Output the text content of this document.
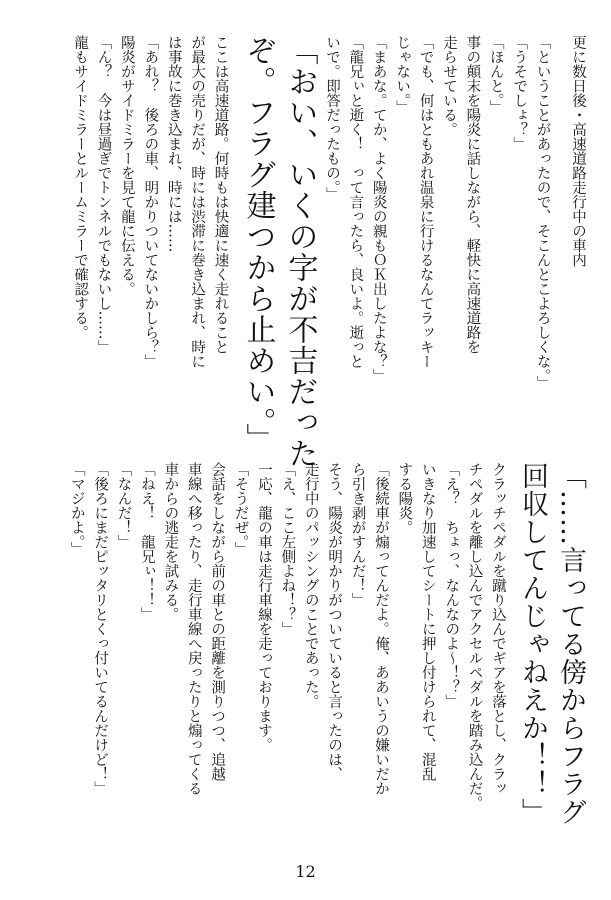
更に数日後・高速道路走行中の車内

「ということがあったので、そこんとこよろしくな。」

「うそでしょ？」

「ほんと。」

事の顛末を陽炎に話しながら、軽快に高速道路を

走らせている。

「でも、何はともあれ温泉に行けるなんてラッキー

じゃない。」

「まあな。てか、よく陽炎の親もＯＫ出したよな？」

「龍兄ぃと逝く！　って言ったら、良いよ。逝っと

いで。即答だったもの。」

「おい、いくの字が不吉だった

ぞ。フラグ建つから止めい。」

ここは高速道路。何時もは快適に速く走れること

が最大の売りだが、時には渋滞に巻き込まれ、時に

は事故に巻き込まれ、時には……

「あれ？　後ろの車、明かりついてないかしら？」

陽炎がサイドミラーを見て龍に伝える。

「ん？　今は昼過ぎでトンネルでもないし……」

龍もサイドミラーとルームミラーで確認する。

「……言ってる傍からフラグ

回収してんじゃねえか！！」

クラッチペダルを蹴り込んでギアを落とし、クラッ

チペダルを離し込んでアクセルペダルを踏み込んだ。

「え？　ちょっ、なんなのよ～！？」

いきなり加速してシートに押し付けられて、混乱

する陽炎。

「後続車が煽ってんだよ。俺、ああいうの嫌いだか

ら引き剥がすんだ！」

そう、陽炎が明かりがついていると言ったのは、

走行中のパッシングのことであった。

「え、ここ左側よね！？」

一応、龍の車は走行車線を走っております。

「そうだぜ。」

会話をしながら前の車との距離を測りつつ、追越

車線へ移ったり、走行車線へ戻ったりと煽ってくる

車からの逃走を試みる。

「ねえ！　龍兄ぃ！！」

「なんだ！」

「後ろにまだピッタリとくっ付いてるんだけど！」

「マジかよ。」

12
